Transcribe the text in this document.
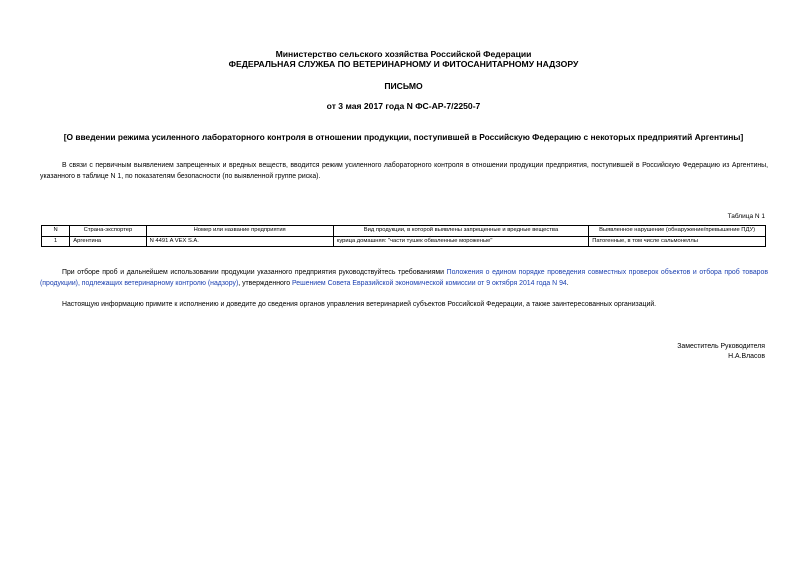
Министерство сельского хозяйства Российской Федерации
ФЕДЕРАЛЬНАЯ СЛУЖБА ПО ВЕТЕРИНАРНОМУ И ФИТОСАНИТАРНОМУ НАДЗОРУ
ПИСЬМО
от 3 мая 2017 года N ФС-АР-7/2250-7
[О введении режима усиленного лабораторного контроля в отношении продукции, поступившей в Российскую Федерацию с некоторых предприятий Аргентины]
В связи с первичным выявлением запрещенных и вредных веществ, вводится режим усиленного лабораторного контроля в отношении продукции предприятия, поступившей в Российскую Федерацию из Аргентины, указанного в таблице N 1, по показателям безопасности (по выявленной группе риска).
Таблица N 1
N	Страна-экспортер	Номер или название предприятия	Вид продукции, в которой выявлены запрещенные и вредные вещества	Выявленное нарушение (обнаружение/превышение ПДУ)
1	Аргентина	N 4491 A VEX S.A.	курица домашняя: "части тушек обваленные мороженые"	Патогенные, в том числе сальмонеллы
При отборе проб и дальнейшем использовании продукции указанного предприятия руководствуйтесь требованиями Положения о едином порядке проведения совместных проверок объектов и отбора проб товаров (продукции), подлежащих ветеринарному контролю (надзору), утвержденного Решением Совета Евразийской экономической комиссии от 9 октября 2014 года N 94.
Настоящую информацию примите к исполнению и доведите до сведения органов управления ветеринарией субъектов Российской Федерации, а также заинтересованных организаций.
Заместитель Руководителя
Н.А.Власов
